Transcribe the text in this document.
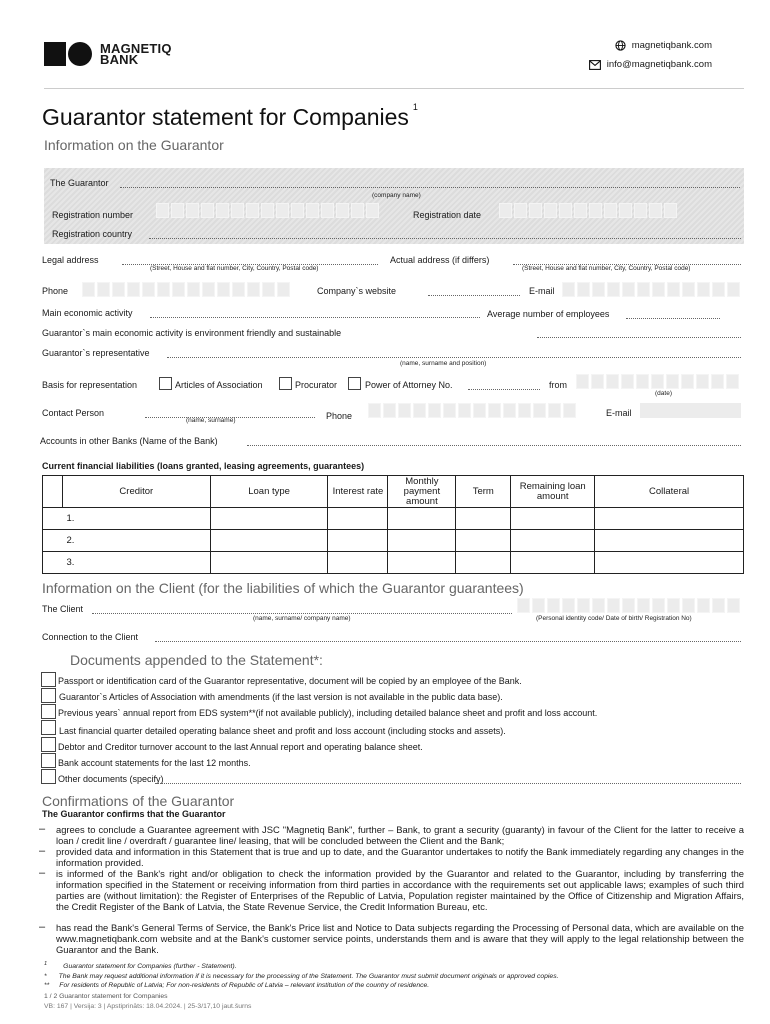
MAGNETIQ
BANK
magnetiqbank.com
info@magnetiqbank.com
Guarantor statement for Companies $^1$
Information on the Guarantor
The Guarantor
(company name)
Registration number	Registration date
Registration country
Legal address
(Street, House and flat number, City, Country, Postal code)
Actual address (if differs)
(Street, House and flat number, City, Country, Postal code)
Phone	Company`s website	E-mail
Main economic activity	Average number of employees
Guarantor`s main economic activity is environment friendly and sustainable
Guarantor`s representative
(name, surname and position)
Basis for representation	Articles of Association	Procurator	Power of Attorney No.	from
(date)
Contact Person
(name, surname)	Phone	E-mail
Accounts in other Banks (Name of the Bank)
Current financial liabilities (loans granted, leasing agreements, guarantees)
	Creditor	Loan type	Interest rate	Monthly payment amount	Term	Remaining loan amount	Collateral
	1.						
	2.						
	3.						
Information on the Client (for the liabilities of which the Guarantor guarantees)
The Client
(name, surname/ company name)	(Personal identity code/ Date of birth/ Registration No)
Connection to the Client
Documents appended to the Statement*:
Passport or identification card of the Guarantor representative, document will be copied by an employee of the Bank.
Guarantor`s Articles of Association with amendments (if the last version is not available in the public data base).
Previous years` annual report from EDS system**(if not available publicly), including detailed balance sheet and profit and loss account.
Last financial quarter detailed operating balance sheet and profit and loss account (including stocks and assets).
Debtor and Creditor turnover account to the last Annual report and operating balance sheet.
Bank account statements for the last 12 months.
Other documents (specify)
Confirmations of the Guarantor
The Guarantor confirms that the Guarantor
– agrees to conclude a Guarantee agreement with JSC "Magnetiq Bank", further – Bank, to grant a security (guaranty) in favour of the Client for the latter to receive a loan / credit line / overdraft / guarantee line/ leasing, that will be concluded between the Client and the Bank;
– provided data and information in this Statement that is true and up to date, and the Guarantor undertakes to notify the Bank immediately regarding any changes in the information provided.
– is informed of the Bank's right and/or obligation to check the information provided by the Guarantor and related to the Guarantor, including by transferring the information specified in the Statement or receiving information from third parties in accordance with the requirements set out applicable laws; examples of such third parties are (without limitation): the Register of Enterprises of the Republic of Latvia, Population register maintained by the Office of Citizenship and Migration Affairs, the Credit Register of the Bank of Latvia, the State Revenue Service, the Credit Information Bureau, etc.
– has read the Bank's General Terms of Service, the Bank's Price list and Notice to Data subjects regarding the Processing of Personal data, which are available on the www.magnetiqbank.com website and at the Bank's customer service points, understands them and is aware that they will apply to the legal relationship between the Guarantor and the Bank.
$^1$ Guarantor statement for Companies (further - Statement).
* The Bank may request additional information if it is necessary for the processing of the Statement. The Guarantor must submit document originals or approved copies.
** For residents of Republic of Latvia; For non-residents of Republic of Latvia – relevant institution of the country of residence.
1 / 2 Guarantor statement for Companies
VB: 167 | Versija: 3 | Apstiprināts: 18.04.2024. | 25-3/17,10 jaut.šurns
